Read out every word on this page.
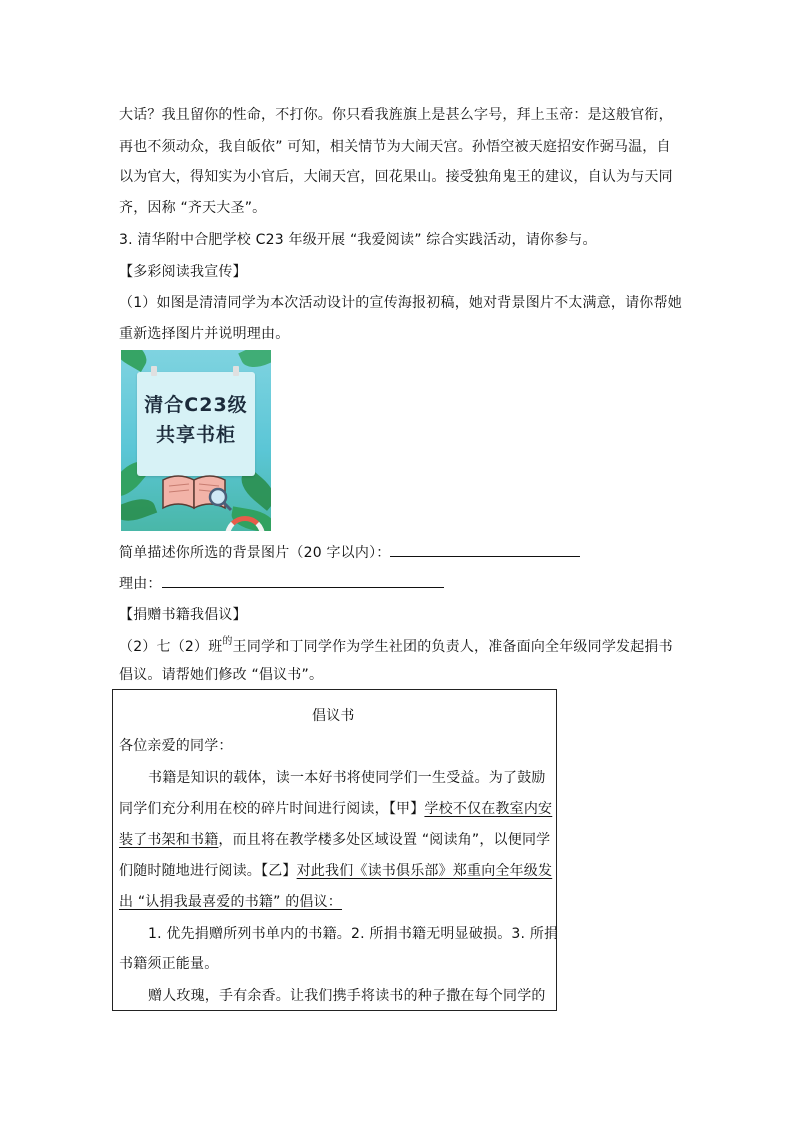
大话？我且留你的性命，不打你。你只看我旌旗上是甚么字号，拜上玉帝：是这般官衔，
再也不须动众，我自皈依” 可知，相关情节为大闹天宫。孙悟空被天庭招安作弼马温，自
以为官大，得知实为小官后，大闹天宫，回花果山。接受独角鬼王的建议，自认为与天同
齐，因称 “齐天大圣”。
3. 清华附中合肥学校 C23 年级开展 “我爱阅读” 综合实践活动，请你参与。
【多彩阅读我宣传】
（1）如图是清清同学为本次活动设计的宣传海报初稿，她对背景图片不太满意，请你帮她
重新选择图片并说明理由。
清合C23级
共享书柜
简单描述你所选的背景图片（20 字以内）：
理由：
【捐赠书籍我倡议】
（2）七（2）班$^的$王同学和丁同学作为学生社团的负责人，准备面向全年级同学发起捐书
倡议。请帮她们修改 “倡议书”。
倡议书
各位亲爱的同学：
书籍是知识的载体，读一本好书将使同学们一生受益。为了鼓励
同学们充分利用在校的碎片时间进行阅读，【甲】学校不仅在教室内安
装了书架和书籍，而且将在教学楼多处区域设置 “阅读角”，以便同学
们随时随地进行阅读。【乙】对此我们《读书俱乐部》郑重向全年级发
出 “认捐我最喜爱的书籍” 的倡议：
1. 优先捐赠所列书单内的书籍。2. 所捐书籍无明显破损。3. 所捐
书籍须正能量。
赠人玫瑰，手有余香。让我们携手将读书的种子撒在每个同学的
